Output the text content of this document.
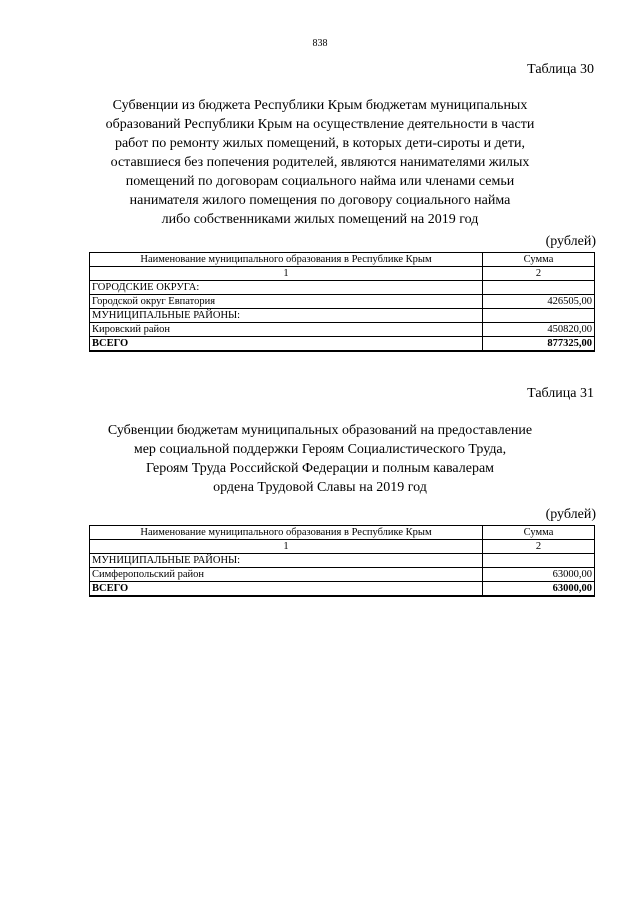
838
Таблица 30
Субвенции из бюджета Республики Крым бюджетам муниципальных
образований Республики Крым на осуществление деятельности в части
работ по ремонту жилых помещений, в которых дети-сироты и дети,
оставшиеся без попечения родителей, являются нанимателями жилых
помещений по договорам социального найма или членами семьи
нанимателя жилого помещения по договору социального найма
либо собственниками жилых помещений на 2019 год
(рублей)
Наименование муниципального образования в Республике Крым	Сумма
1	2
ГОРОДСКИЕ ОКРУГА:	
Городской округ Евпатория	426505,00
МУНИЦИПАЛЬНЫЕ РАЙОНЫ:	
Кировский район	450820,00
ВСЕГО	877325,00
Таблица 31
Субвенции бюджетам муниципальных образований на предоставление
мер социальной поддержки Героям Социалистического Труда,
Героям Труда Российской Федерации и полным кавалерам
ордена Трудовой Славы на 2019 год
(рублей)
Наименование муниципального образования в Республике Крым	Сумма
1	2
МУНИЦИПАЛЬНЫЕ РАЙОНЫ:	
Симферопольский район	63000,00
ВСЕГО	63000,00
